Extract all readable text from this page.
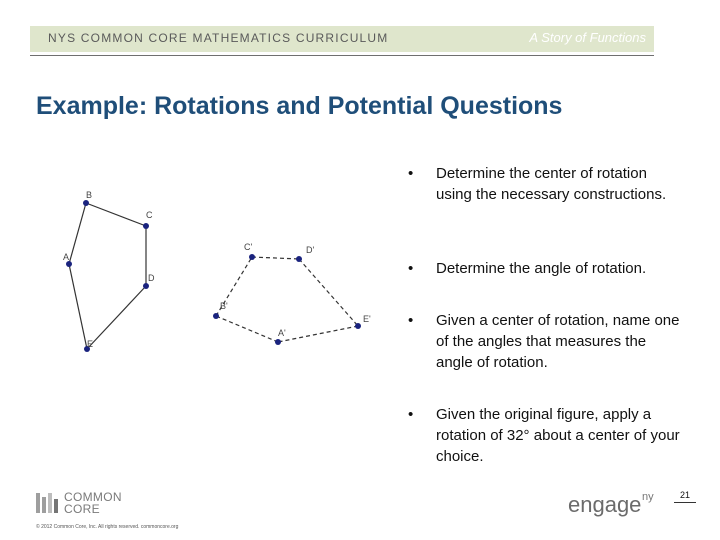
NYS COMMON CORE MATHEMATICS CURRICULUM	A Story of Functions
Example: Rotations and Potential Questions
B
C
A
D
E
C'	D'
B'
E'
A'
• Determine the center of rotation using the necessary constructions.
• Determine the angle of rotation.
• Given a center of rotation, name one of the angles that measures the angle of rotation.
• Given the original figure, apply a rotation of 32° about a center of your choice.
COMMON
CORE
© 2012 Common Core, Inc. All rights reserved. commoncore.org
engage ny	21
